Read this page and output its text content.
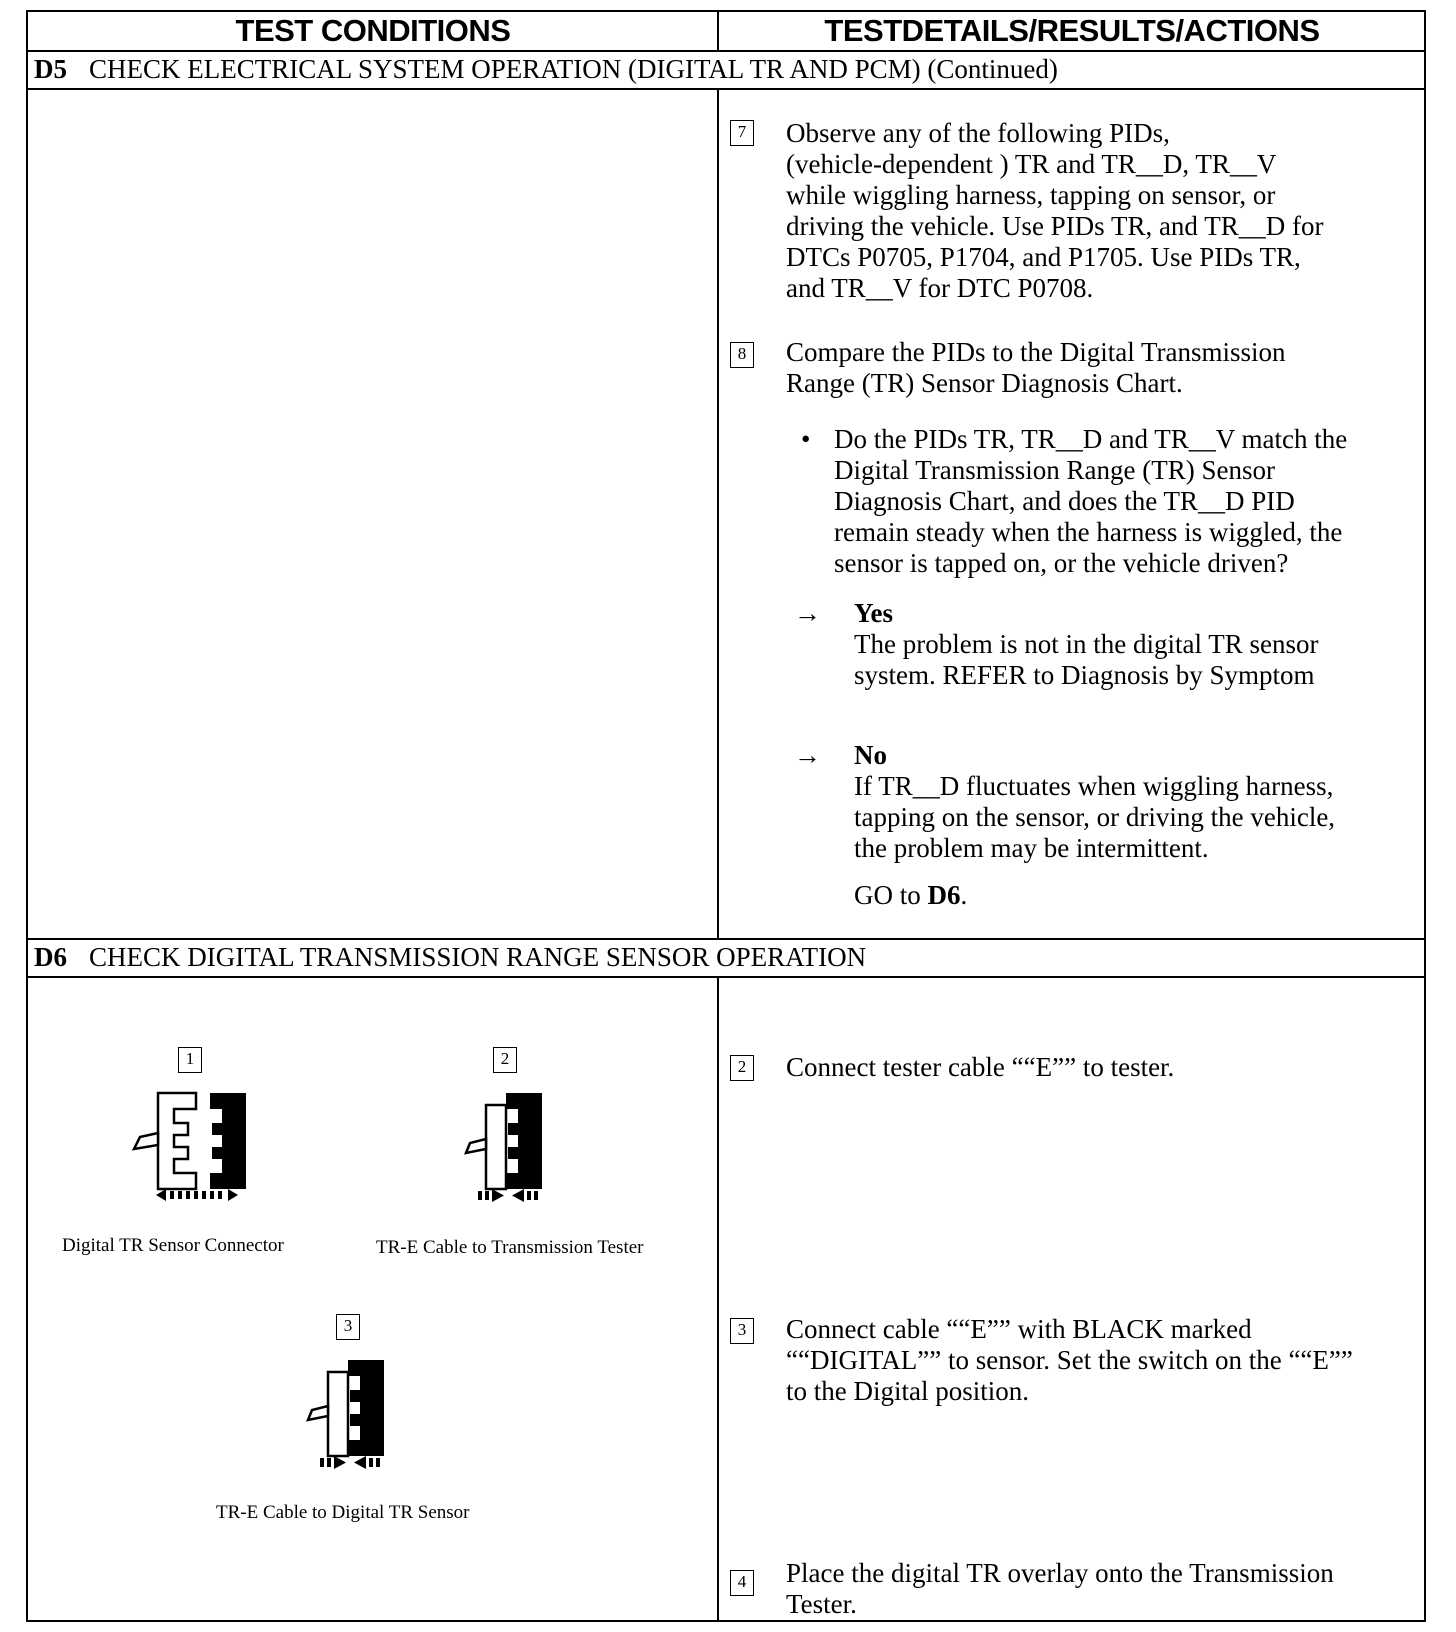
TEST CONDITIONS	TESTDETAILS/RESULTS/ACTIONS
D5 CHECK ELECTRICAL SYSTEM OPERATION (DIGITAL TR AND PCM) (Continued)
7 Observe any of the following PIDs,

(vehicle-dependent ) TR and TR__D, TR__V

while wiggling harness, tapping on sensor, or

driving the vehicle. Use PIDs TR, and TR__D for

DTCs P0705, P1704, and P1705. Use PIDs TR,

and TR__V for DTC P0708.

8 Compare the PIDs to the Digital Transmission

Range (TR) Sensor Diagnosis Chart.

• Do the PIDs TR, TR__D and TR__V match the

Digital Transmission Range (TR) Sensor

Diagnosis Chart, and does the TR__D PID

remain steady when the harness is wiggled, the

sensor is tapped on, or the vehicle driven?

→ Yes

The problem is not in the digital TR sensor

system. REFER to Diagnosis by Symptom

→ No

If TR__D fluctuates when wiggling harness,

tapping on the sensor, or driving the vehicle,

the problem may be intermittent.

GO to D6.
D6 CHECK DIGITAL TRANSMISSION RANGE SENSOR OPERATION
1
Digital TR Sensor Connector
2
TR-E Cable to Transmission Tester
3
TR-E Cable to Digital TR Sensor
2 Connect tester cable ““E”” to tester.

3 Connect cable ““E”” with BLACK marked

““DIGITAL”” to sensor. Set the switch on the ““E””

to the Digital position.

4 Place the digital TR overlay onto the Transmission

Tester.
